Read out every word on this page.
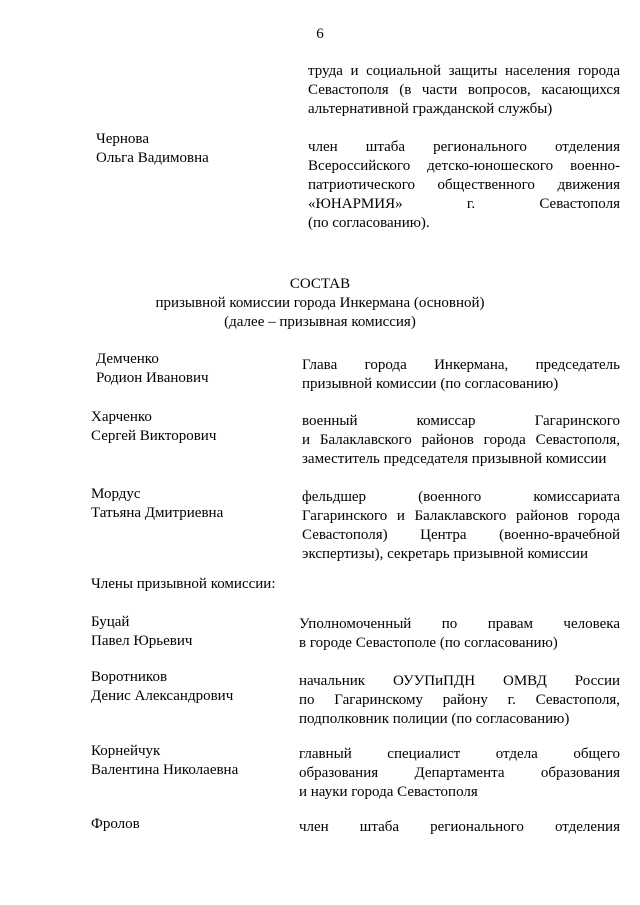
6
труда и социальной защиты населения города
Севастополя (в части вопросов, касающихся
альтернативной гражданской службы)
Чернова
Ольга Вадимовна
член штаба регионального отделения
Всероссийского детско-юношеского военно-
патриотического общественного движения
«ЮНАРМИЯ» г. Севастополя
(по согласованию).
СОСТАВ
призывной комиссии города Инкермана (основной)
(далее – призывная комиссия)
Демченко
Родион Иванович
Глава города Инкермана, председатель
призывной комиссии (по согласованию)
Харченко
Сергей Викторович
военный комиссар Гагаринского
и Балаклавского районов города Севастополя,
заместитель председателя призывной комиссии
Мордус
Татьяна Дмитриевна
фельдшер (военного комиссариата
Гагаринского и Балаклавского районов города
Севастополя) Центра (военно-врачебной
экспертизы), секретарь призывной комиссии
Члены призывной комиссии:
Буцай
Павел Юрьевич
Уполномоченный по правам человека
в городе Севастополе (по согласованию)
Воротников
Денис Александрович
начальник ОУУПиПДН ОМВД России
по Гагаринскому району г. Севастополя,
подполковник полиции (по согласованию)
Корнейчук
Валентина Николаевна
главный специалист отдела общего
образования Департамента образования
и науки города Севастополя
Фролов	член штаба регионального отделения
